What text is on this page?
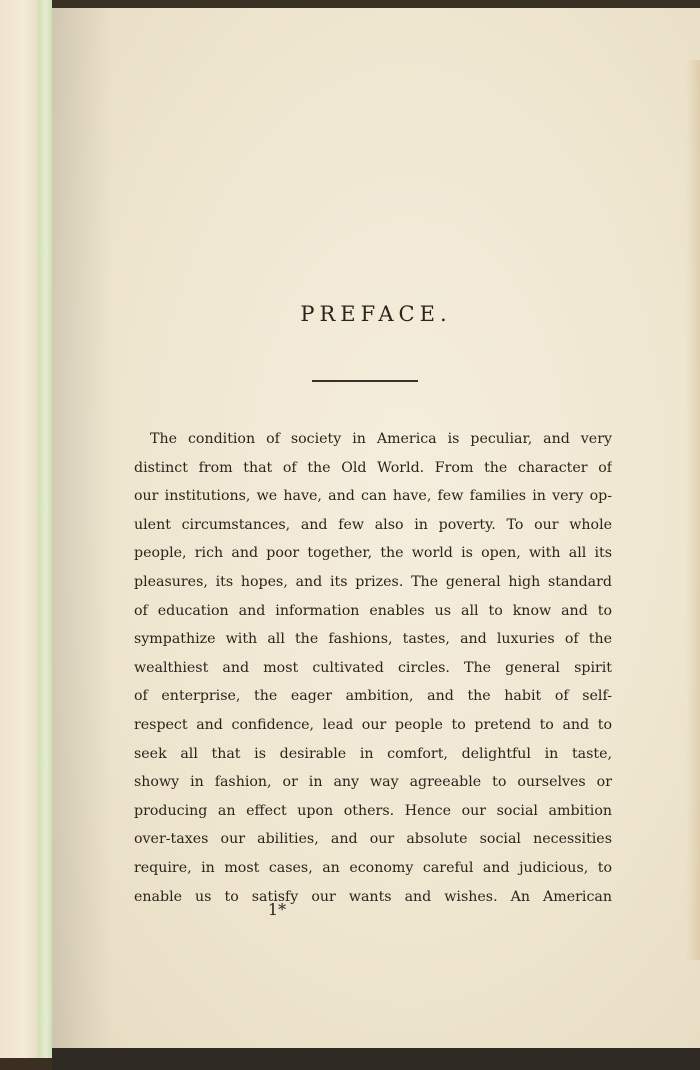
PREFACE.
The condition of society in America is peculiar, and very
distinct from that of the Old World. From the character of
our institutions, we have, and can have, few families in very op-
ulent circumstances, and few also in poverty. To our whole
people, rich and poor together, the world is open, with all its
pleasures, its hopes, and its prizes. The general high standard
of education and information enables us all to know and to
sympathize with all the fashions, tastes, and luxuries of the
wealthiest and most cultivated circles. The general spirit
of enterprise, the eager ambition, and the habit of self-
respect and confidence, lead our people to pretend to and to
seek all that is desirable in comfort, delightful in taste,
showy in fashion, or in any way agreeable to ourselves or
producing an effect upon others. Hence our social ambition
over-taxes our abilities, and our absolute social necessities
require, in most cases, an economy careful and judicious, to
enable us to satisfy our wants and wishes. An American
1*
